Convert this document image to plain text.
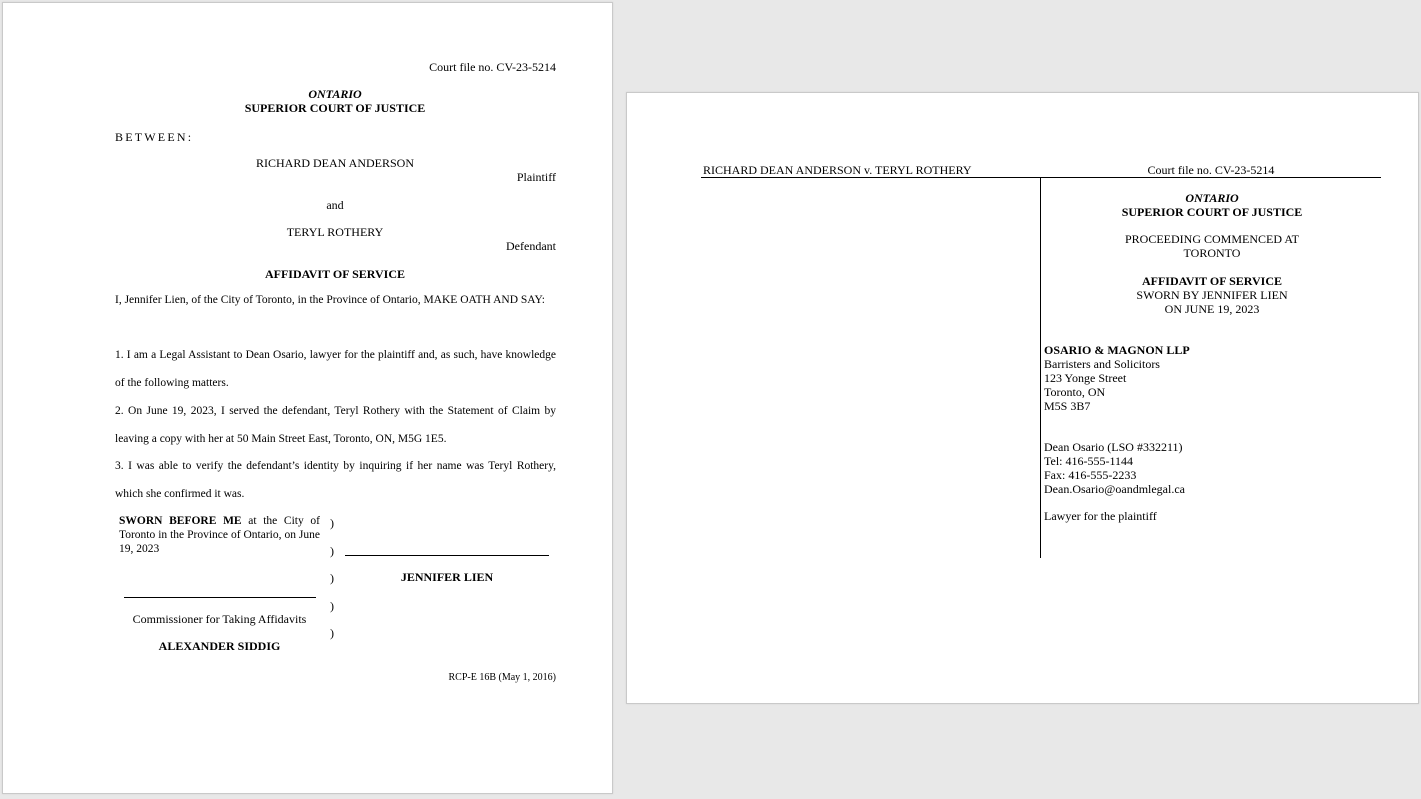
Court file no. CV-23-5214
ONTARIO
SUPERIOR COURT OF JUSTICE
BETWEEN:
RICHARD DEAN ANDERSON
Plaintiff
and
TERYL ROTHERY
Defendant
AFFIDAVIT OF SERVICE
I, Jennifer Lien, of the City of Toronto, in the Province of Ontario, MAKE OATH AND SAY:
1. I am a Legal Assistant to Dean Osario, lawyer for the plaintiff and, as such, have knowledge of the following matters.
2. On June 19, 2023, I served the defendant, Teryl Rothery with the Statement of Claim by leaving a copy with her at 50 Main Street East, Toronto, ON, M5G 1E5.
3. I was able to verify the defendant’s identity by inquiring if her name was Teryl Rothery, which she confirmed it was.
SWORN BEFORE ME at the City of Toronto in the Province of Ontario, on June 19, 2023
)
)
)
)
)
JENNIFER LIEN
Commissioner for Taking Affidavits
ALEXANDER SIDDIG
RCP-E 16B (May 1, 2016)
RICHARD DEAN ANDERSON v. TERYL ROTHERY	Court file no. CV-23-5214
ONTARIO
SUPERIOR COURT OF JUSTICE
PROCEEDING COMMENCED AT
TORONTO
AFFIDAVIT OF SERVICE
SWORN BY JENNIFER LIEN
ON JUNE 19, 2023
OSARIO & MAGNON LLP
Barristers and Solicitors
123 Yonge Street
Toronto, ON
M5S 3B7
Dean Osario (LSO #332211)
Tel: 416-555-1144
Fax: 416-555-2233
Dean.Osario@oandmlegal.ca
Lawyer for the plaintiff
